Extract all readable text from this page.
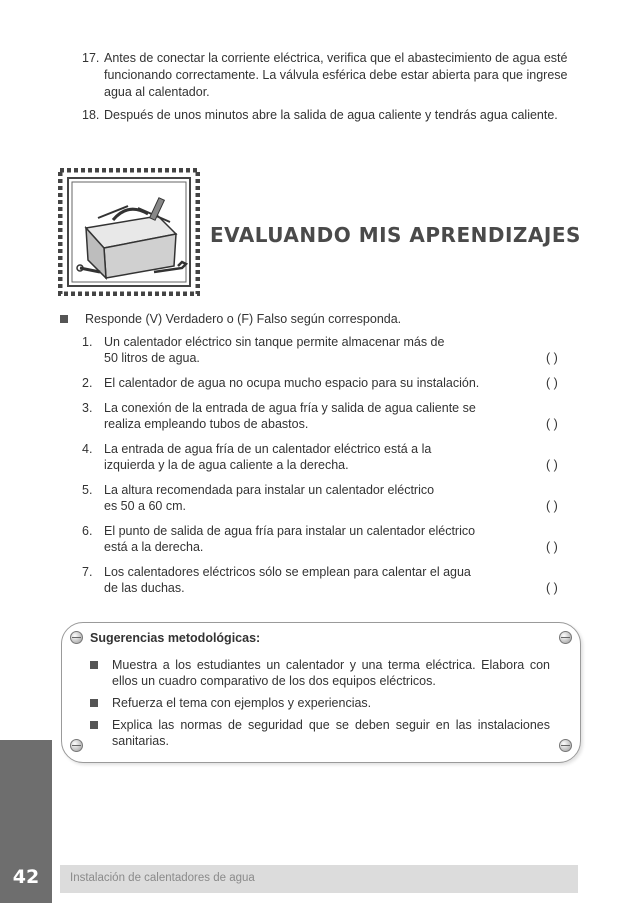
17. Antes de conectar la corriente eléctrica, verifica que el abastecimiento de agua esté funcionando correctamente. La válvula esférica debe estar abierta para que ingrese agua al calentador.
18. Después de unos minutos abre la salida de agua caliente y tendrás agua caliente.
EVALUANDO MIS APRENDIZAJES
Responde (V) Verdadero o (F) Falso según corresponda.
1. Un calentador eléctrico sin tanque permite almacenar más de
50 litros de agua.	( )
2. El calentador de agua no ocupa mucho espacio para su instalación.	( )
3. La conexión de la entrada de agua fría y salida de agua caliente se
realiza empleando tubos de abastos.	( )
4. La entrada de agua fría de un calentador eléctrico está a la
izquierda y la de agua caliente a la derecha.	( )
5. La altura recomendada para instalar un calentador eléctrico
es 50 a 60 cm.	( )
6. El punto de salida de agua fría para instalar un calentador eléctrico
está a la derecha.	( )
7. Los calentadores eléctricos sólo se emplean para calentar el agua
de las duchas.	( )
Sugerencias metodológicas:
Muestra a los estudiantes un calentador y una terma eléctrica. Elabora con ellos un cuadro comparativo de los dos equipos eléctricos.
Refuerza el tema con ejemplos y experiencias.
Explica las normas de seguridad que se deben seguir en las instalaciones sanitarias.
42	Instalación de calentadores de agua
